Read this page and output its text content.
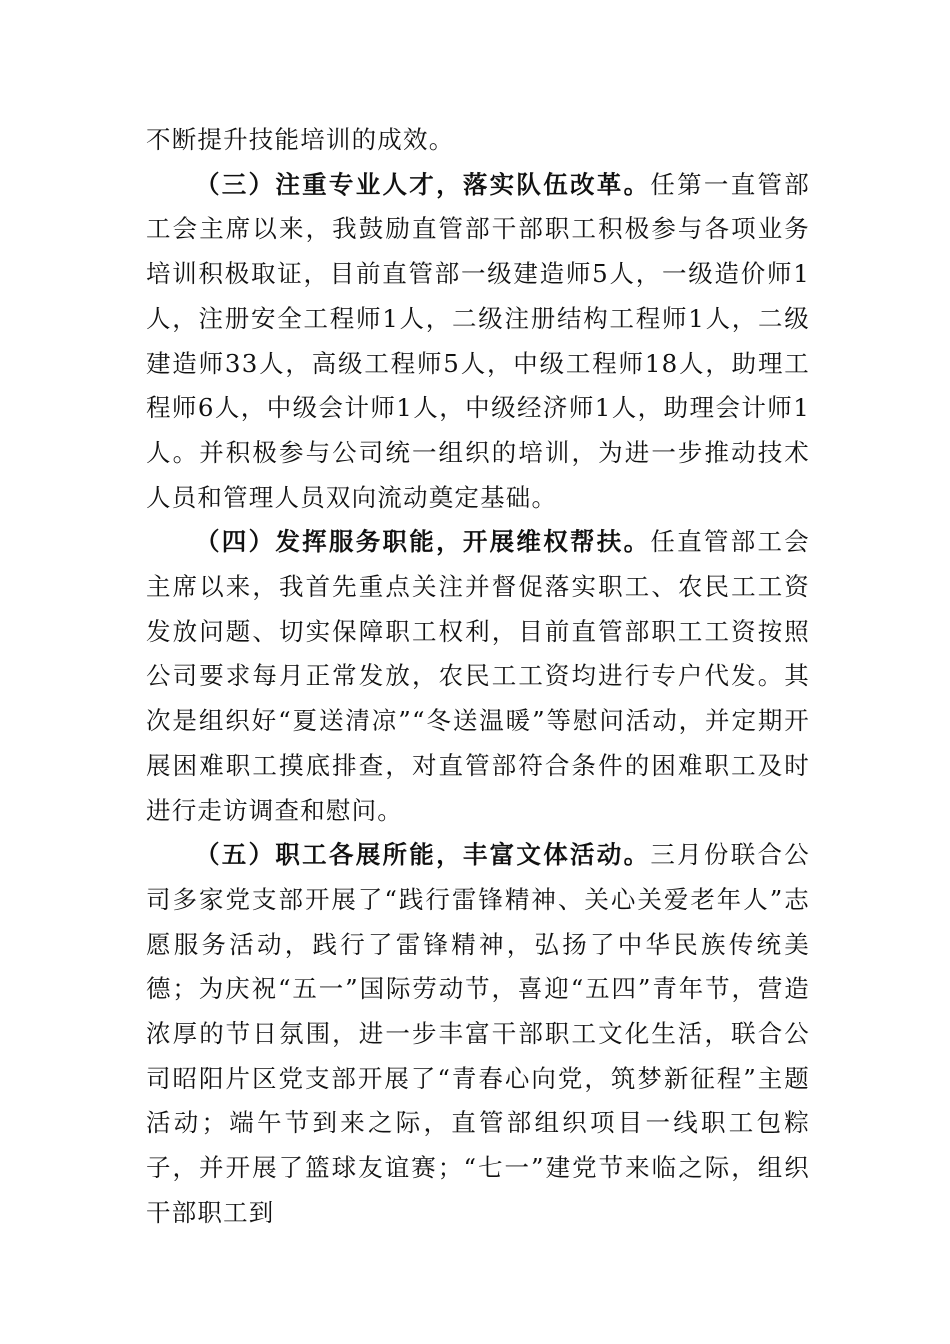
不断提升技能培训的成效。

（三）注重专业人才，落实队伍改革。任第一直管部工会主席以来，我鼓励直管部干部职工积极参与各项业务培训积极取证，目前直管部一级建造师5人，一级造价师1人，注册安全工程师1人，二级注册结构工程师1人，二级建造师33人，高级工程师5人，中级工程师18人，助理工程师6人，中级会计师1人，中级经济师1人，助理会计师1人。并积极参与公司统一组织的培训，为进一步推动技术人员和管理人员双向流动奠定基础。

（四）发挥服务职能，开展维权帮扶。任直管部工会主席以来，我首先重点关注并督促落实职工、农民工工资发放问题、切实保障职工权利，目前直管部职工工资按照公司要求每月正常发放，农民工工资均进行专户代发。其次是组织好“夏送清凉”“冬送温暖”等慰问活动，并定期开展困难职工摸底排查，对直管部符合条件的困难职工及时进行走访调查和慰问。

（五）职工各展所能，丰富文体活动。三月份联合公司多家党支部开展了“践行雷锋精神、关心关爱老年人”志愿服务活动，践行了雷锋精神，弘扬了中华民族传统美德；为庆祝“五一”国际劳动节，喜迎“五四”青年节，营造浓厚的节日氛围，进一步丰富干部职工文化生活，联合公司昭阳片区党支部开展了“青春心向党，筑梦新征程”主题活动；端午节到来之际，直管部组织项目一线职工包粽子，并开展了篮球友谊赛；“七一”建党节来临之际，组织干部职工到
